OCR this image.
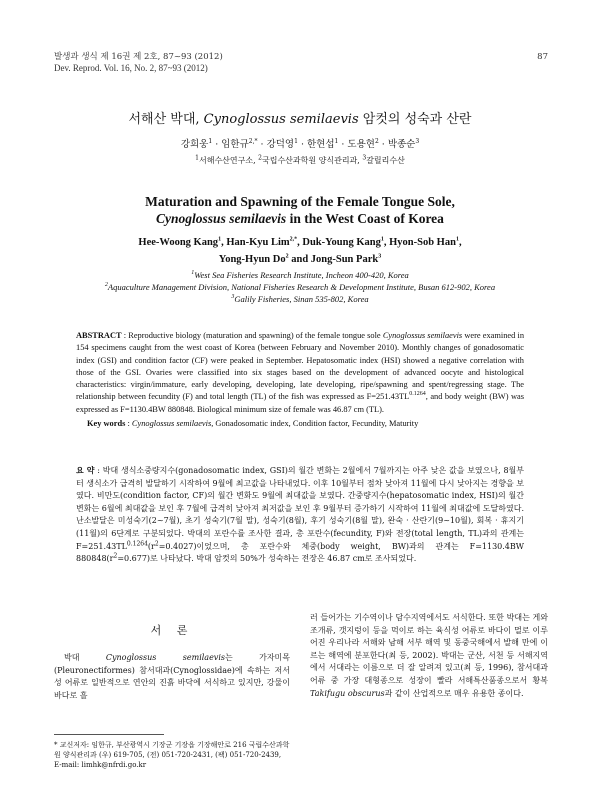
발생과 생식 제 16권 제 2호, 87~93 (2012)
Dev. Reprod. Vol. 16, No. 2, 87~93 (2012)
87
서해산 박대, Cynoglossus semilaevis 암컷의 성숙과 산란
강희웅$^1$ · 임한규$^{2,*}$ · 강덕영$^1$ · 한현섭$^1$ · 도용현$^2$ · 박종순$^3$
$^1$서해수산연구소, $^2$국립수산과학원 양식관리과, $^3$갈릴리수산
Maturation and Spawning of the Female Tongue Sole,
Cynoglossus semilaevis in the West Coast of Korea
Hee-Woong Kang$^1$, Han-Kyu Lim$^{2,*}$, Duk-Young Kang$^1$, Hyon-Sob Han$^1$,
Yong-Hyun Do$^2$ and Jong-Sun Park$^3$
$^1$West Sea Fisheries Research Institute, Incheon 400-420, Korea
$^2$Aquaculture Management Division, National Fisheries Research & Development Institute, Busan 612-902, Korea
$^3$Galily Fisheries, Sinan 535-802, Korea
ABSTRACT : Reproductive biology (maturation and spawning) of the female tongue sole Cynoglossus semilaevis were examined in 154 specimens caught from the west coast of Korea (between February and November 2010). Monthly changes of gonadosomatic index (GSI) and condition factor (CF) were peaked in September. Hepatosomatic index (HSI) showed a negative correlation with those of the GSI. Ovaries were classified into six stages based on the development of advanced oocyte and histological characteristics: virgin/immature, early developing, developing, late developing, ripe/spawning and spent/regressing stage. The relationship between fecundity (F) and total length (TL) of the fish was expressed as $F=251.43TL^{0.1264}$, and body weight (BW) was expressed as F=1130.4BW 880848. Biological minimum size of female was 46.87 cm (TL).
Key words : Cynoglossus semilaevis, Gonadosomatic index, Condition factor, Fecundity, Maturity
요 약 : 박대 생식소중량지수(gonadosomatic index, GSI)의 월간 변화는 2월에서 7월까지는 아주 낮은 값을 보였으나, 8월부터 생식소가 급격히 발달하기 시작하여 9월에 최고값을 나타내었다. 이후 10월부터 점차 낮아져 11월에 다시 낮아지는 경향을 보였다. 비만도(condition factor, CF)의 월간 변화도 9월에 최대값을 보였다. 간중량지수(hepatosomatic index, HSI)의 월간 변화는 6월에 최대값을 보인 후 7월에 급격히 낮아져 최저값을 보인 후 9월부터 증가하기 시작하여 11월에 최대값에 도달하였다. 난소발달은 미성숙기(2~7월), 초기 성숙기(7월 말), 성숙기(8월), 후기 성숙기(8월 말), 완숙 · 산란기(9~10월), 회복 · 휴지기(11월)의 6단계로 구분되었다. 박대의 포란수를 조사한 결과, 총 포란수(fecundity, F)와 전장(total length, TL)과의 관계는 $F=251.43TL^{0.1264}(r^2=0.4027)$이었으며, 총 포란수와 체중(body weight, BW)과의 관계는 F=1130.4BW $880848(r^2=0.677)$로 나타났다. 박대 암컷의 50%가 성숙하는 전장은 46.87 cm로 조사되었다.
서 론
박대 Cynoglossus semilaevis는 가자미목(Pleuronectiformes) 참서대과(Cynoglossidae)에 속하는 저서성 어류로 일반적으로 연안의 진흙 바닥에 서식하고 있지만, 강물이 바다로 흘
* 교신저자: 임한규, 부산광역시 기장군 기장읍 기장해안로 216 국립수산과학원 양식관리과 (우) 619-705, (전) 051-720-2431, (팩) 051-720-2439, E-mail: limhk@nfrdi.go.kr
러 들어가는 기수역이나 담수지역에서도 서식한다. 또한 박대는 게와 조개류, 갯지렁이 등을 먹이로 하는 육식성 어류로 바다이 멀로 이루어진 우리나라 서해와 남해 서부 해역 및 동중국해에서 발해 만에 이르는 해역에 분포한다(최 등, 2002). 박대는 군산, 서천 등 서해지역에서 서대라는 이름으로 더 잘 알려져 있고(최 등, 1996), 참서대과 어류 중 가장 대형종으로 성장이 빨라 서해특산품종으로서 황복 Takifugu obscurus과 같이 산업적으로 매우 유용한 종이다.
